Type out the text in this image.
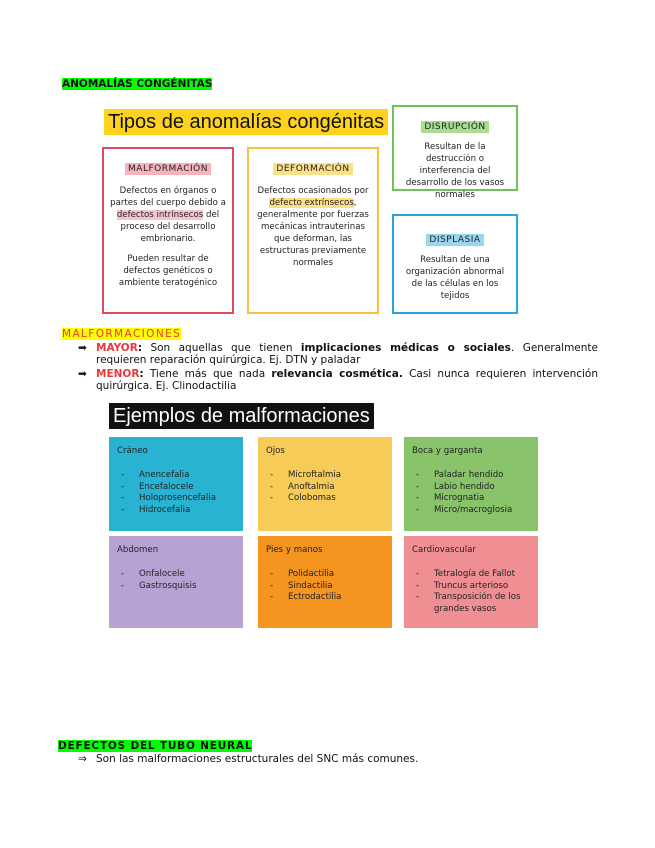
ANOMALÍAS CONGÉNITAS
Tipos de anomalías congénitas
MALFORMACIÓN

Defectos en órganos o partes del cuerpo debido a defectos intrínsecos del proceso del desarrollo embrionario.

Pueden resultar de defectos genéticos o ambiente teratogénico

DEFORMACIÓN

Defectos ocasionados por defecto extrínsecos, generalmente por fuerzas mecánicas intrauterinas que deforman, las estructuras previamente normales

DISRUPCIÓN

Resultan de la destrucción o interferencia del desarrollo de los vasos normales

DISPLASIA

Resultan de una organización abnormal de las células en los tejidos

MALFORMACIONES
➡ MAYOR: Son aquellas que tienen implicaciones médicas o sociales. Generalmente requieren reparación quirúrgica. Ej. DTN y paladar
➡ MENOR: Tiene más que nada relevancia cosmética. Casi nunca requieren intervención quirúrgica. Ej. Clinodactilia
Ejemplos de malformaciones
Cráneo
- Anencefalia
- Encefalocele
- Holoprosencefalia
- Hidrocefalia
Ojos
- Microftalmia
- Anoftalmia
- Colobomas
Boca y garganta
- Paladar hendido
- Labio hendido
- Micrognatia
- Micro/macroglosia
Abdomen
- Onfalocele
- Gastrosquisis
Pies y manos
- Polidactilia
- Sindactilia
- Ectrodactilia
Cardiovascular
- Tetralogía de Fallot
- Truncus arterioso
- Transposición de los grandes vasos
DEFECTOS DEL TUBO NEURAL
⇒ Son las malformaciones estructurales del SNC más comunes.
